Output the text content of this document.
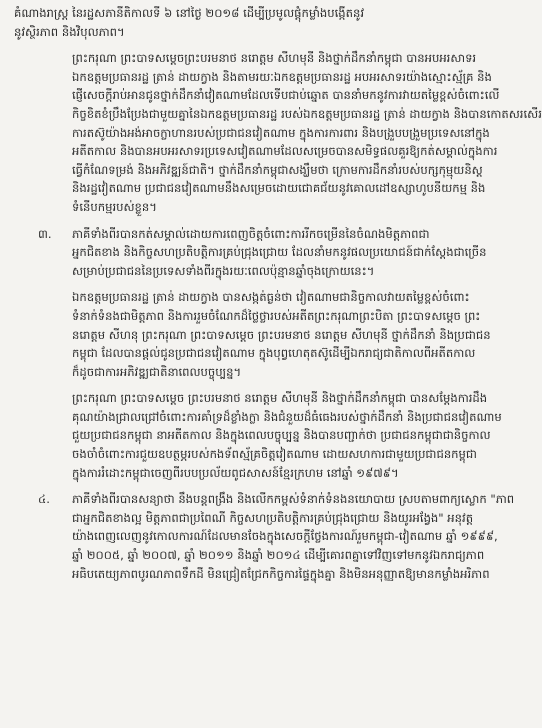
គំណាងរាស្ត្រ នៃរដ្ឋសភានីតិកាលទី ៦ នៅថ្ងៃ ២០១៨ ដើម្បីប្រមូលផ្ដុំកម្លាំងបង្កើតនូវ
នូវស្ថិរភាព និងវិបុលភាព។
ព្រះករុណា ព្រះបាទសម្ដេចព្រះបរមនាថ នរោត្ដម សីហមុនី និងថ្នាក់ដឹកនាំកម្ពុជា បានអបអរសាទរ
ឯកឧត្ដមប្រធានរដ្ឋ ត្រាន់ ដាយក្វាង និងតាមរយៈឯកឧត្ដមប្រធានរដ្ឋ អបអរសាទរយ៉ាងស្មោះស្ម័គ្រ និង
ផ្ញើសេចក្ដីរាប់អានជូនថ្នាក់ដឹកនាំវៀតណាមដែលទើបជាប់ឆ្នោត បាននាំមកនូវការវាយតម្លៃខ្ពស់ចំពោះលើ
កិច្ចខិតខំប្រឹងប្រែងជាមួយគ្នានៃឯកឧត្ដមប្រធានរដ្ឋ របស់ឯកឧត្ដមប្រធានរដ្ឋ ត្រាន់ ដាយក្វាង និងបានកោតសរសើរ
ការតស៊ូយ៉ាងអង់អាចក្លាហានរបស់ប្រជាជនវៀតណាម ក្នុងការការពារ និងបង្រួបបង្រួមប្រទេសនៅក្នុង
អតីតកាល និងបានអបអរសាទរប្រទេសវៀតណាមដែលសម្រេចបានសមិទ្ធផលគួរឱ្យកត់សម្គាល់ក្នុងការ
ធ្វើកំណែទម្រង់ និងអភិវឌ្ឍន៍ជាតិ។ ថ្នាក់ដឹកនាំកម្ពុជាសង្ឃឹមថា ក្រោមការដឹកនាំរបស់បក្សកុម្មុយនិស្ដ
និងរដ្ឋវៀតណាម ប្រជាជនវៀតណាមនឹងសម្រេចដោយជោគជ័យនូវគោលដៅឧស្សាហូបនីយកម្ម និង
ទំនើបកម្មរបស់ខ្លួន។
៣. ភាគីទាំងពីរបានកត់សម្គាល់ដោយការពេញចិត្តចំពោះការរីកចម្រើននៃចំណងមិត្តភាពជា
អ្នកជិតខាង និងកិច្ចសហប្រតិបត្តិការគ្រប់ជ្រុងជ្រោយ ដែលនាំមកនូវផលប្រយោជន៍ជាក់ស្ដែងជាច្រើន
សម្រាប់ប្រជាជននៃប្រទេសទាំងពីរក្នុងរយៈពេលប៉ុន្មានឆ្នាំចុងក្រោយនេះ។
ឯកឧត្ដមប្រធានរដ្ឋ ត្រាន់ ដាយក្វាង បានសង្កត់ធ្ងន់ថា វៀតណាមជានិច្ចកាលវាយតម្លៃខ្ពស់ចំពោះ
ទំនាក់ទំនងជាមិត្តភាព និងការរួមចំណែកដ៏ថ្លៃថ្លារបស់អតីតព្រះករុណាព្រះបិតា ព្រះបាទសម្ដេច ព្រះ
នរោត្ដម សីហនុ ព្រះករុណា ព្រះបាទសម្ដេច ព្រះបរមនាថ នរោត្ដម សីហមុនី ថ្នាក់ដឹកនាំ និងប្រជាជន
កម្ពុជា ដែលបានផ្ដល់ជូនប្រជាជនវៀតណាម ក្នុងបុព្វហេតុតស៊ូដើម្បីឯករាជ្យជាតិកាលពីអតីតកាល
ក៏ដូចជាការអភិវឌ្ឍជាតិនាពេលបច្ចុប្បន្ន។
ព្រះករុណា ព្រះបាទសម្ដេច ព្រះបរមនាថ នរោត្ដម សីហមុនី និងថ្នាក់ដឹកនាំកម្ពុជា បានសម្ដែងការដឹង
គុណយ៉ាងជ្រាលជ្រៅចំពោះការគាំទ្រដ៏ខ្លាំងក្លា និងជំនួយដ៏ធំធេងរបស់ថ្នាក់ដឹកនាំ និងប្រជាជនវៀតណាម
ជួយប្រជាជនកម្ពុជា នាអតីតកាល និងក្នុងពេលបច្ចុប្បន្ន និងបានបញ្ជាក់ថា ប្រជាជនកម្ពុជាជានិច្ចកាល
ចងចាំចំពោះការជួយឧបត្ថម្ភរបស់កងទ័ពស្ម័គ្រចិត្តវៀតណាម ដោយសហការជាមួយប្រជាជនកម្ពុជា
ក្នុងការរំដោះកម្ពុជាចេញពីរបបប្រល័យពូជសាសន៍ខ្មែរក្រហម នៅឆ្នាំ ១៩៧៩។
៤. ភាគីទាំងពីរបានសន្យាថា នឹងបន្តពង្រឹង និងលើកកម្ពស់ទំនាក់ទំនងនយោបាយ ស្របតាមពាក្យស្លោក "ភាព
ជាអ្នកជិតខាងល្អ មិត្តភាពជាប្រពៃណី កិច្ចសហប្រតិបត្តិការគ្រប់ជ្រុងជ្រោយ និងយូរអង្វែង" អនុវត្ត
យ៉ាងពេញលេញនូវកោលការណ៍ដែលមានចែងក្នុងសេចក្ដីថ្លែងការណ៍រួមកម្ពុជា-វៀតណាម ឆ្នាំ ១៩៩៩,
ឆ្នាំ ២០០៥, ឆ្នាំ ២០០៧, ឆ្នាំ ២០១១ និងឆ្នាំ ២០១៤ ដើម្បីគោរពគ្នាទៅវិញទៅមកនូវឯករាជ្យភាព
អធិបតេយ្យភាពបូរណភាពទឹកដី មិនជ្រៀតជ្រែកកិច្ចការផ្ទៃក្នុងគ្នា និងមិនអនុញ្ញាតឱ្យមានកម្លាំងអរិភាព
